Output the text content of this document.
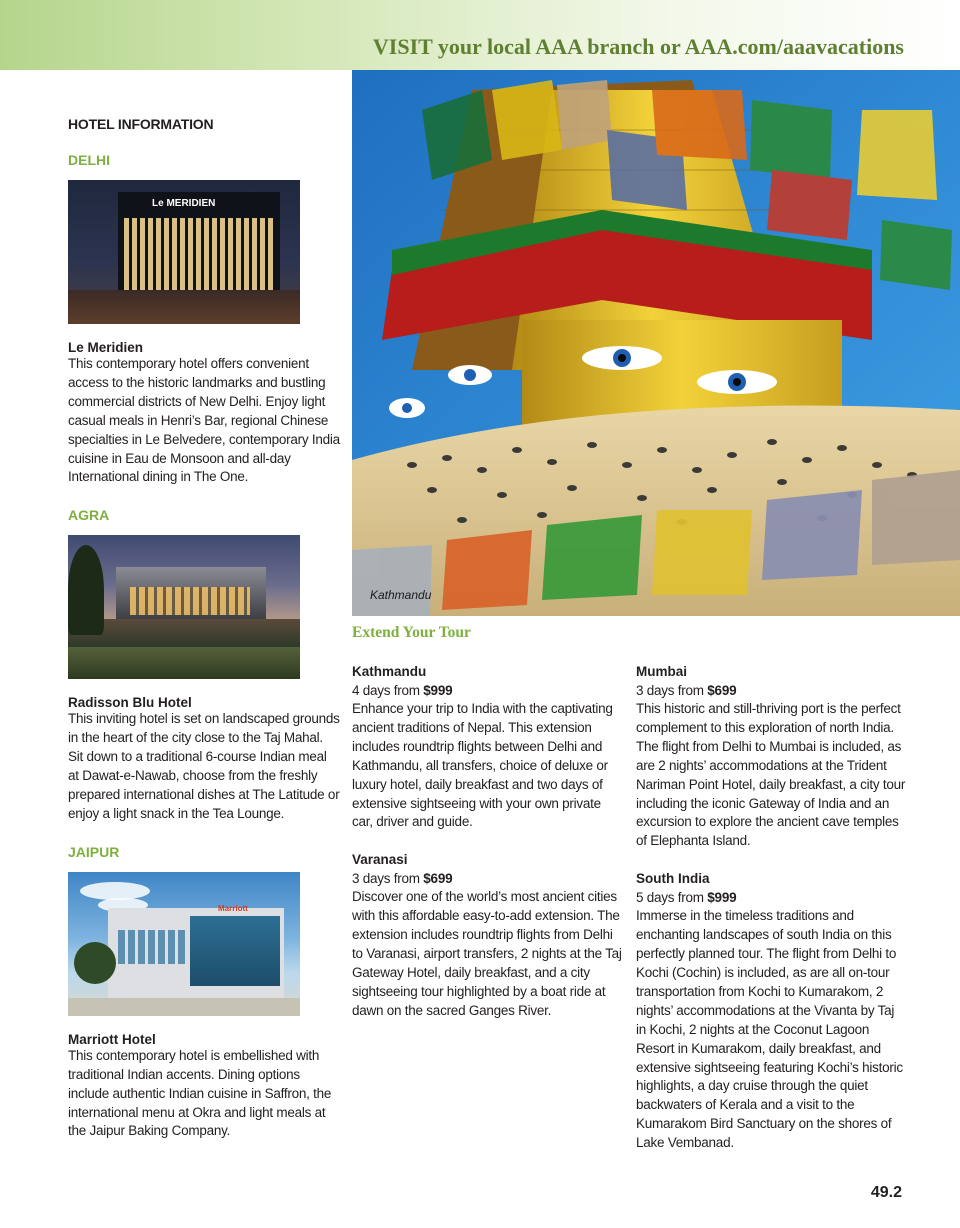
VISIT your local AAA branch or AAA.com/aaavacations
HOTEL INFORMATION
DELHI
Le MERIDIEN
Le Meridien
This contemporary hotel offers convenient access to the historic landmarks and bustling commercial districts of New Delhi. Enjoy light casual meals in Henri’s Bar, regional Chinese specialties in Le Belvedere, contemporary India cuisine in Eau de Monsoon and all-day International dining in The One.
AGRA
Radisson Blu Hotel
This inviting hotel is set on landscaped grounds in the heart of the city close to the Taj Mahal. Sit down to a traditional 6-course Indian meal at Dawat-e-Nawab, choose from the freshly prepared international dishes at The Latitude or enjoy a light snack in the Tea Lounge.
JAIPUR
Marriott
Marriott Hotel
This contemporary hotel is embellished with traditional Indian accents. Dining options include authentic Indian cuisine in Saffron, the international menu at Okra and light meals at the Jaipur Baking Company.
Kathmandu
Extend Your Tour
Kathmandu
4 days from $999
Enhance your trip to India with the captivating ancient traditions of Nepal. This extension includes roundtrip flights between Delhi and Kathmandu, all transfers, choice of deluxe or luxury hotel, daily breakfast and two days of extensive sightseeing with your own private car, driver and guide.
Varanasi
3 days from $699
Discover one of the world’s most ancient cities with this affordable easy-to-add extension. The extension includes roundtrip flights from Delhi to Varanasi, airport transfers, 2 nights at the Taj Gateway Hotel, daily breakfast, and a city sightseeing tour highlighted by a boat ride at dawn on the sacred Ganges River.
Mumbai
3 days from $699
This historic and still-thriving port is the perfect complement to this exploration of north India. The flight from Delhi to Mumbai is included, as are 2 nights’ accommodations at the Trident Nariman Point Hotel, daily breakfast, a city tour including the iconic Gateway of India and an excursion to explore the ancient cave temples of Elephanta Island.
South India
5 days from $999
Immerse in the timeless traditions and enchanting landscapes of south India on this perfectly planned tour. The flight from Delhi to Kochi (Cochin) is included, as are all on-tour transportation from Kochi to Kumarakom, 2 nights’ accommodations at the Vivanta by Taj in Kochi, 2 nights at the Coconut Lagoon Resort in Kumarakom, daily breakfast, and extensive sightseeing featuring Kochi’s historic highlights, a day cruise through the quiet backwaters of Kerala and a visit to the Kumarakom Bird Sanctuary on the shores of Lake Vembanad.
49.2
